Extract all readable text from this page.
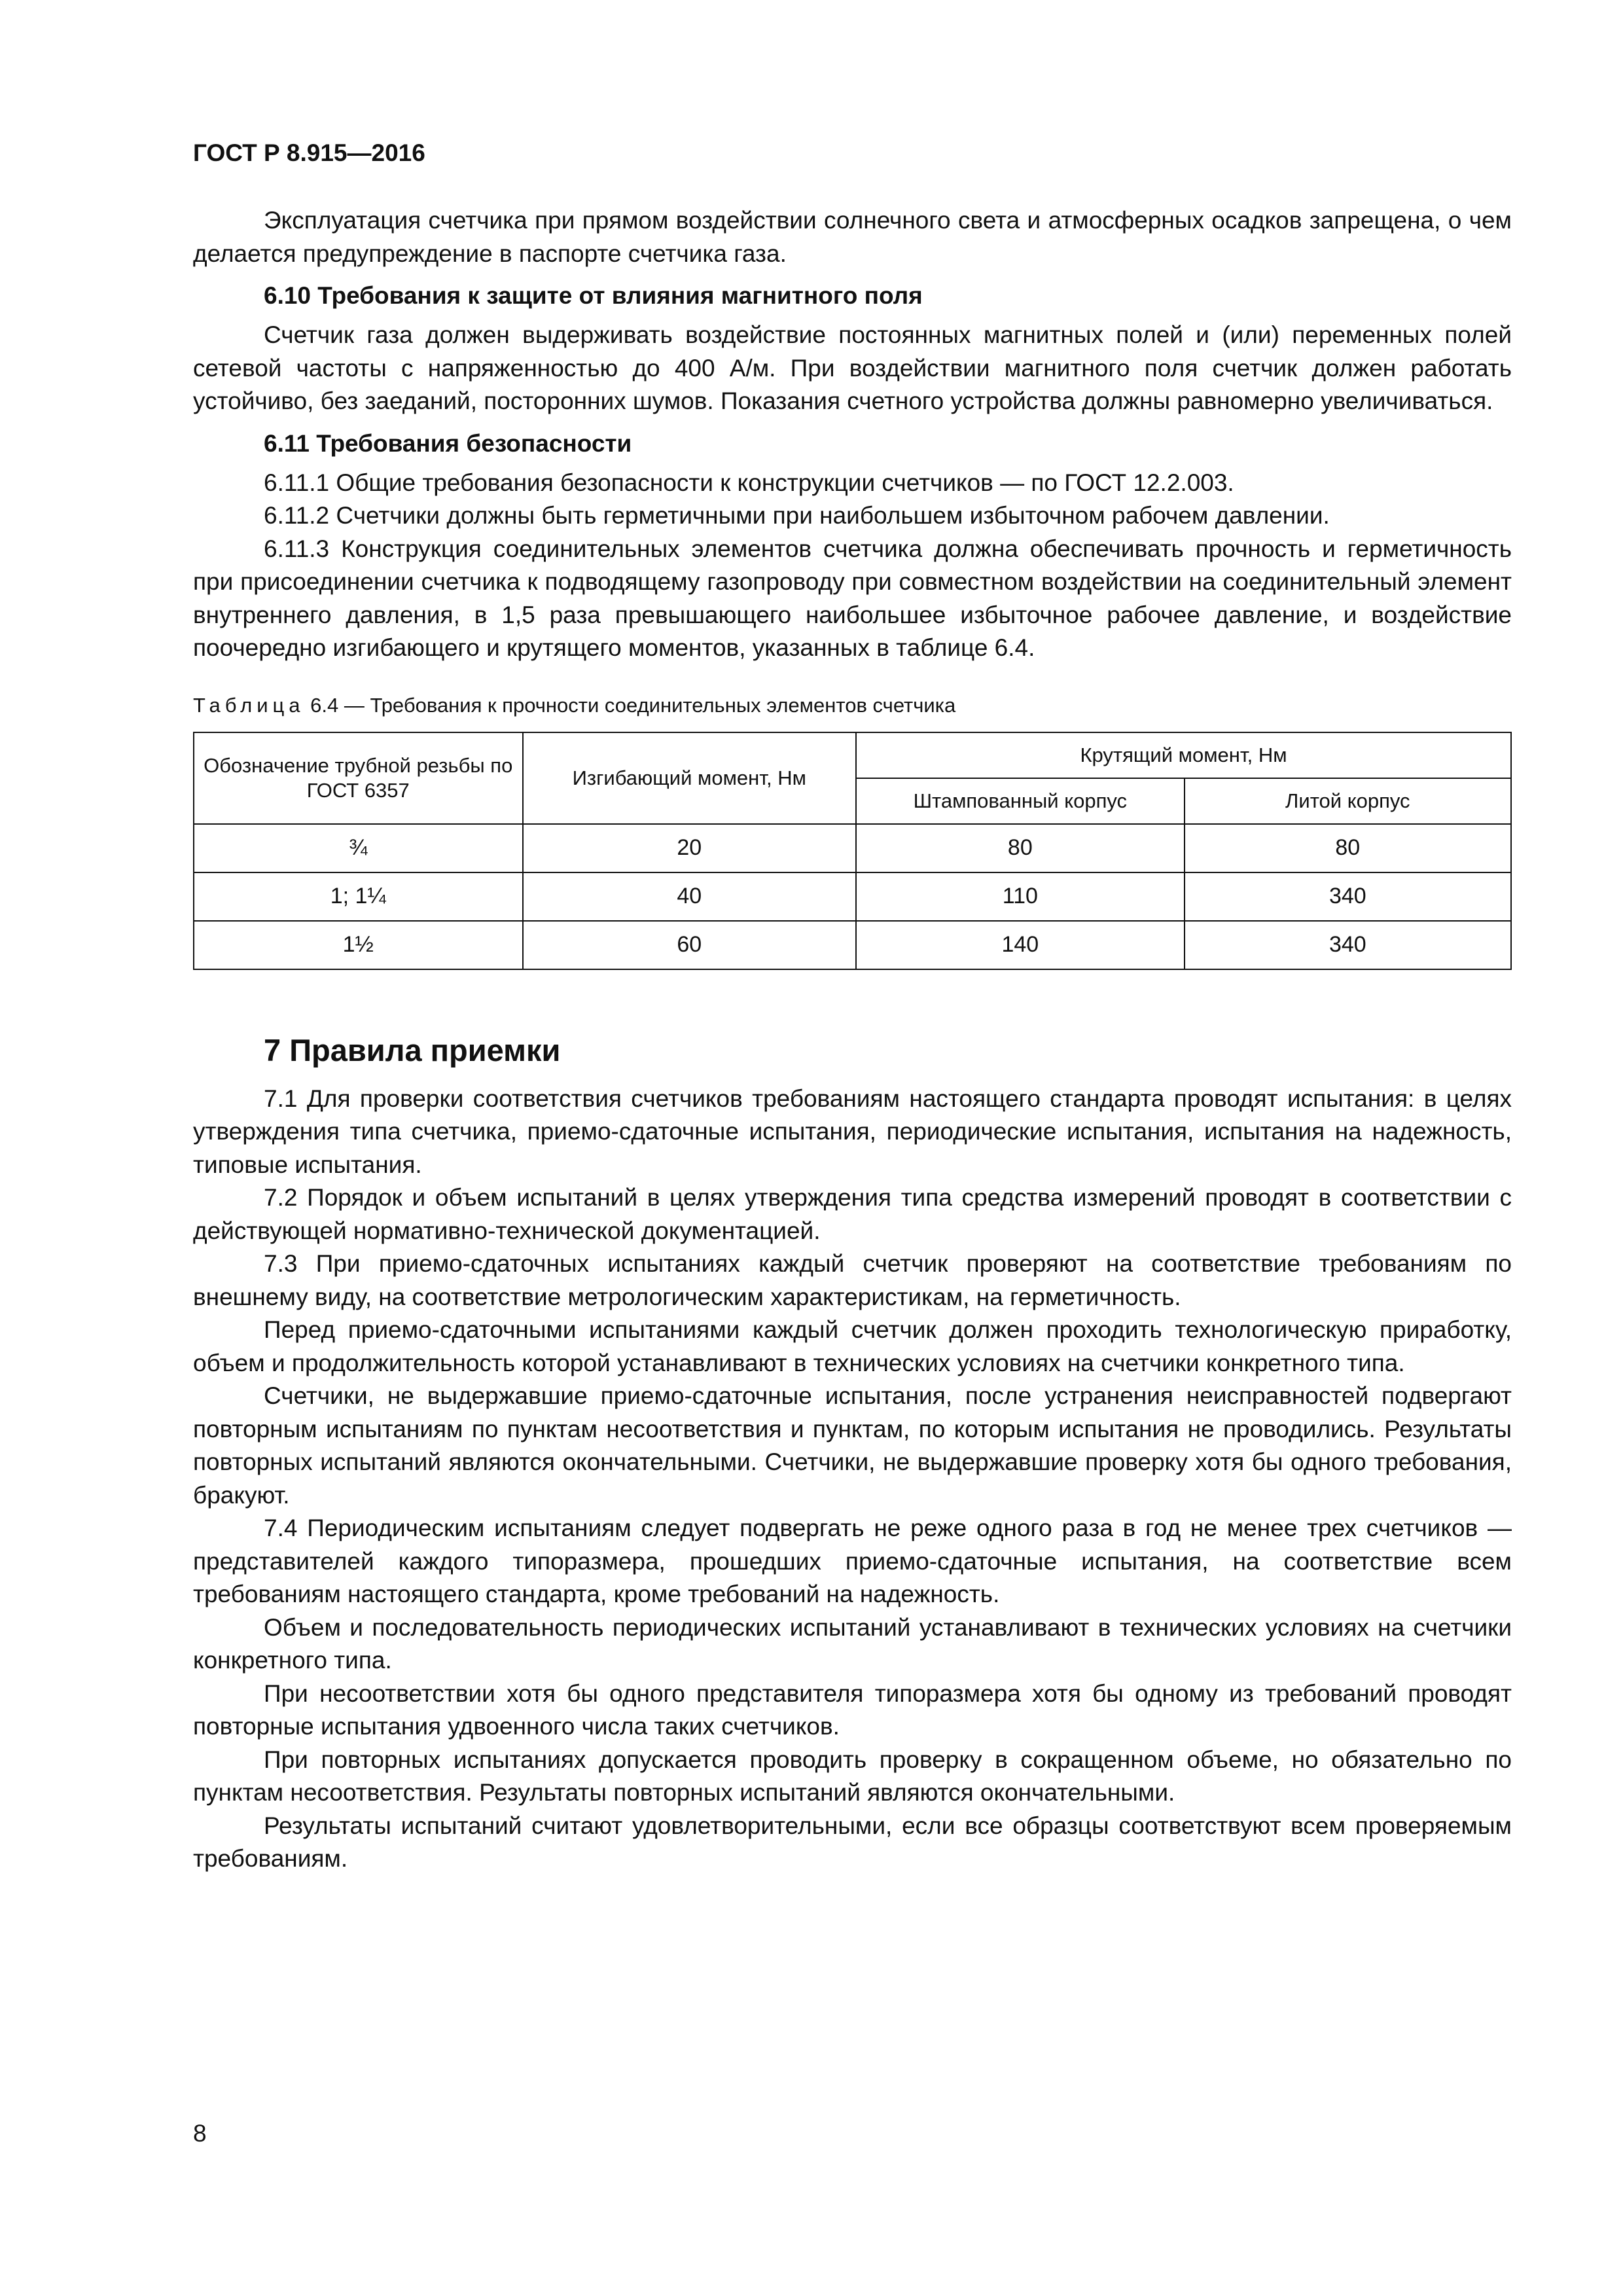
ГОСТ Р 8.915—2016

Эксплуатация счетчика при прямом воздействии солнечного света и атмосферных осадков запрещена, о чем делается предупреждение в паспорте счетчика газа.

6.10 Требования к защите от влияния магнитного поля

Счетчик газа должен выдерживать воздействие постоянных магнитных полей и (или) переменных полей сетевой частоты с напряженностью до 400 А/м. При воздействии магнитного поля счетчик должен работать устойчиво, без заеданий, посторонних шумов. Показания счетного устройства должны равномерно увеличиваться.

6.11 Требования безопасности

6.11.1 Общие требования безопасности к конструкции счетчиков — по ГОСТ 12.2.003.

6.11.2 Счетчики должны быть герметичными при наибольшем избыточном рабочем давлении.

6.11.3 Конструкция соединительных элементов счетчика должна обеспечивать прочность и герметичность при присоединении счетчика к подводящему газопроводу при совместном воздействии на соединительный элемент внутреннего давления, в 1,5 раза превышающего наибольшее избыточное рабочее давление, и воздействие поочередно изгибающего и крутящего моментов, указанных в таблице 6.4.

Таблица 6.4 — Требования к прочности соединительных элементов счетчика
Обозначение трубной резьбы по ГОСТ 6357	Изгибающий момент, Нм	Крутящий момент, Нм	
		Штампованный корпус	Литой корпус
¾	20	80	80
1; 1¼	40	110	340
1½	60	140	340
7 Правила приемки

7.1 Для проверки соответствия счетчиков требованиям настоящего стандарта проводят испытания: в целях утверждения типа счетчика, приемо-сдаточные испытания, периодические испытания, испытания на надежность, типовые испытания.

7.2 Порядок и объем испытаний в целях утверждения типа средства измерений проводят в соответствии с действующей нормативно-технической документацией.

7.3 При приемо-сдаточных испытаниях каждый счетчик проверяют на соответствие требованиям по внешнему виду, на соответствие метрологическим характеристикам, на герметичность.

Перед приемо-сдаточными испытаниями каждый счетчик должен проходить технологическую приработку, объем и продолжительность которой устанавливают в технических условиях на счетчики конкретного типа.

Счетчики, не выдержавшие приемо-сдаточные испытания, после устранения неисправностей подвергают повторным испытаниям по пунктам несоответствия и пунктам, по которым испытания не проводились. Результаты повторных испытаний являются окончательными. Счетчики, не выдержавшие проверку хотя бы одного требования, бракуют.

7.4 Периодическим испытаниям следует подвергать не реже одного раза в год не менее трех счетчиков — представителей каждого типоразмера, прошедших приемо-сдаточные испытания, на соответствие всем требованиям настоящего стандарта, кроме требований на надежность.

Объем и последовательность периодических испытаний устанавливают в технических условиях на счетчики конкретного типа.

При несоответствии хотя бы одного представителя типоразмера хотя бы одному из требований проводят повторные испытания удвоенного числа таких счетчиков.

При повторных испытаниях допускается проводить проверку в сокращенном объеме, но обязательно по пунктам несоответствия. Результаты повторных испытаний являются окончательными.

Результаты испытаний считают удовлетворительными, если все образцы соответствуют всем проверяемым требованиям.

8
